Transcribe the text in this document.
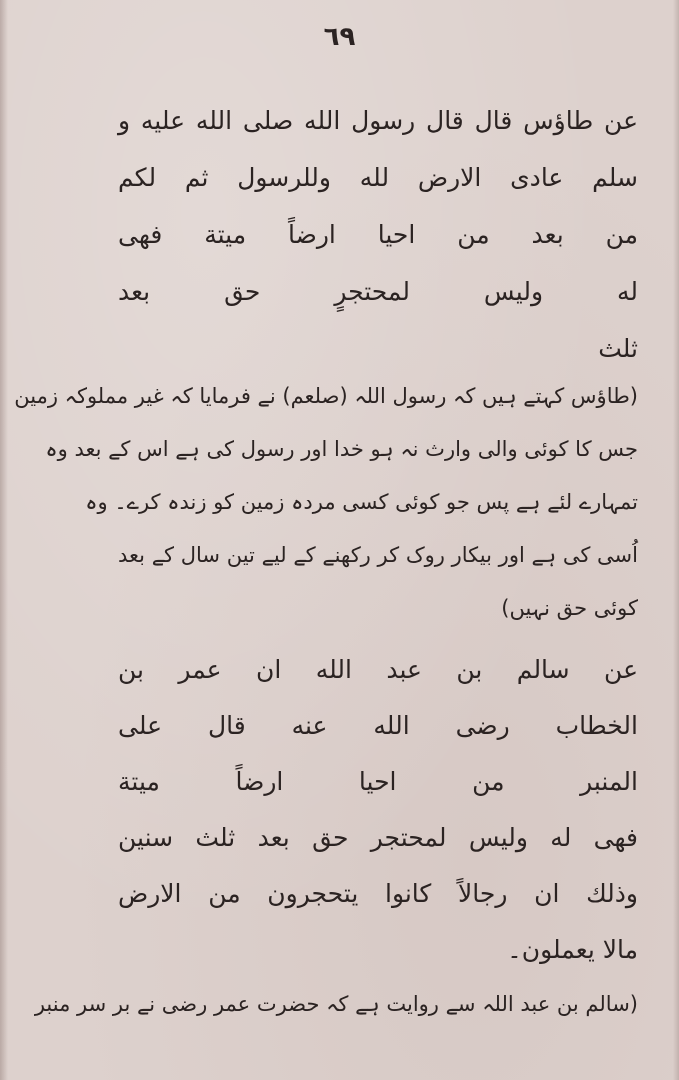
٦٩
عن طاؤس قال قال رسول الله صلى الله عليه و
سلم عادى الارض لله وللرسول ثم لكم
من بعد من احيا ارضاً ميتة فهى
له وليس لمحتجرٍ حق بعد
ثلث
(طاؤس کہتے ہیں کہ رسول اللہ (صلعم) نے فرمایا کہ غیر مملوکہ زمین
جس کا کوئی والی وارث نہ ہو خدا اور رسول کی ہے اس کے بعد وہ
تمہارے لئے ہے پس جو کوئی کسی مردہ زمین کو زندہ کرے۔ وہ
اُسی کی ہے اور بیکار روک کر رکھنے کے لیے تین سال کے بعد
کوئی حق نہیں)
عن سالم بن عبد الله ان عمر بن
الخطاب رضى الله عنه قال على
المنبر من احيا ارضاً ميتة
فهى له وليس لمحتجر حق بعد ثلث سنين
وذلك ان رجالاً كانوا يتحجرون من الارض
مالا يعملون۔
(سالم بن عبد اللہ سے روایت ہے کہ حضرت عمر رضی نے بر سر منبر
